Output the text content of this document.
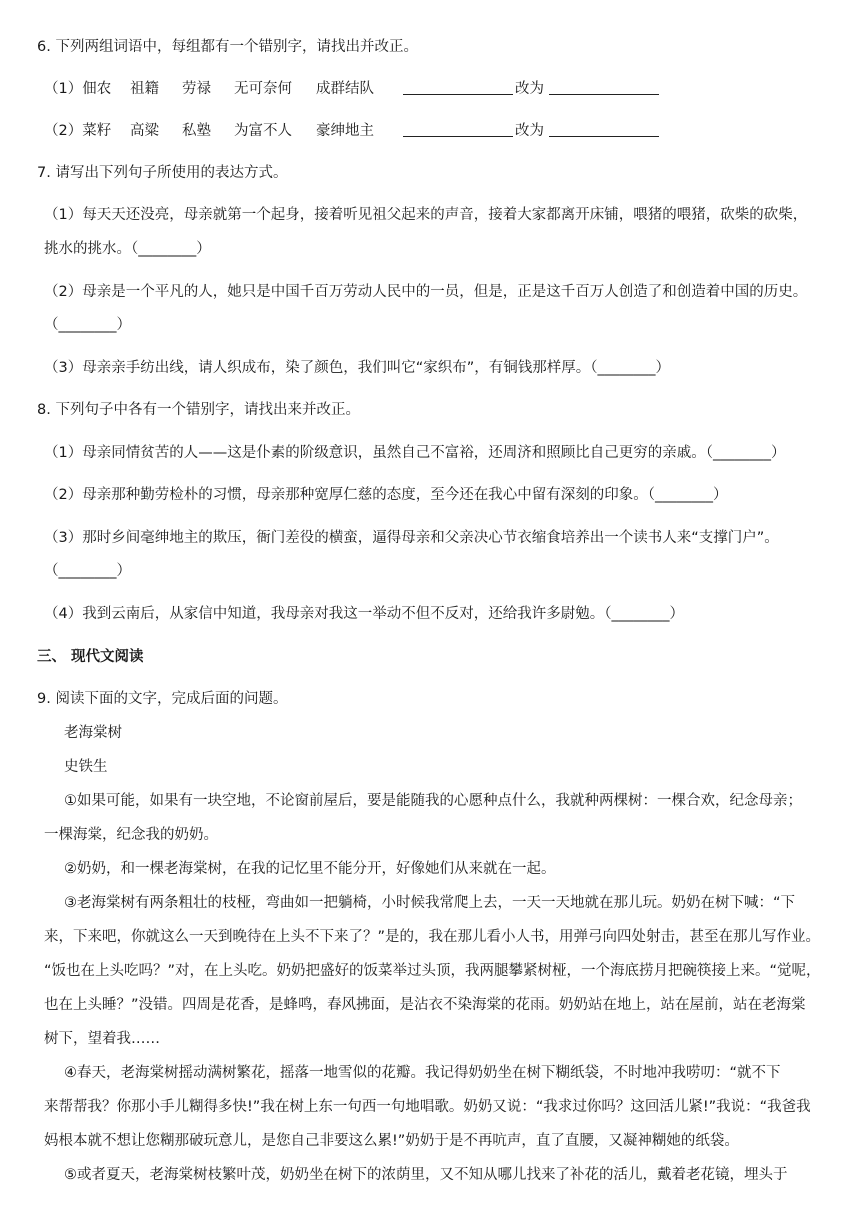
6. 下列两组词语中，每组都有一个错别字，请找出并改正。
（1）佃农 祖籍 劳禄 无可奈何 成群结队	改为
（2）菜籽 高粱 私塾 为富不人 豪绅地主	改为
7. 请写出下列句子所使用的表达方式。
（1）每天天还没亮，母亲就第一个起身，接着听见祖父起来的声音，接着大家都离开床铺，喂猪的喂猪，砍柴的砍柴，
挑水的挑水。（________）
（2）母亲是一个平凡的人，她只是中国千百万劳动人民中的一员，但是，正是这千百万人创造了和创造着中国的历史。
（________）
（3）母亲亲手纺出线，请人织成布，染了颜色，我们叫它“家织布”，有铜钱那样厚。（________）
8. 下列句子中各有一个错别字，请找出来并改正。
（1）母亲同情贫苦的人——这是仆素的阶级意识，虽然自己不富裕，还周济和照顾比自己更穷的亲戚。（________）
（2）母亲那种勤劳检朴的习惯，母亲那种宽厚仁慈的态度，至今还在我心中留有深刻的印象。（________）
（3）那时乡间毫绅地主的欺压，衙门差役的横蛮，逼得母亲和父亲决心节衣缩食培养出一个读书人来“支撑门户”。
（________）
（4）我到云南后，从家信中知道，我母亲对我这一举动不但不反对，还给我许多尉勉。（________）
三、 现代文阅读
9. 阅读下面的文字，完成后面的问题。
老海棠树
史铁生
①如果可能，如果有一块空地，不论窗前屋后，要是能随我的心愿种点什么，我就种两棵树：一棵合欢，纪念母亲；
一棵海棠，纪念我的奶奶。
②奶奶，和一棵老海棠树，在我的记忆里不能分开，好像她们从来就在一起。
③老海棠树有两条粗壮的枝桠，弯曲如一把躺椅，小时候我常爬上去，一天一天地就在那儿玩。奶奶在树下喊：“下
来，下来吧，你就这么一天到晚待在上头不下来了？”是的，我在那儿看小人书，用弹弓向四处射击，甚至在那儿写作业。
“饭也在上头吃吗？”对，在上头吃。奶奶把盛好的饭菜举过头顶，我两腿攀紧树桠，一个海底捞月把碗筷接上来。“觉呢，
也在上头睡？”没错。四周是花香，是蜂鸣，春风拂面，是沾衣不染海棠的花雨。奶奶站在地上，站在屋前，站在老海棠
树下，望着我……
④春天，老海棠树摇动满树繁花，摇落一地雪似的花瓣。我记得奶奶坐在树下糊纸袋，不时地冲我唠叨：“就不下
来帮帮我？你那小手儿糊得多快!”我在树上东一句西一句地唱歌。奶奶又说：“我求过你吗？这回活儿紧!”我说：“我爸我
妈根本就不想让您糊那破玩意儿，是您自己非要这么累!”奶奶于是不再吭声，直了直腰，又凝神糊她的纸袋。
⑤或者夏天，老海棠树枝繁叶茂，奶奶坐在树下的浓荫里，又不知从哪儿找来了补花的活儿，戴着老花镜，埋头于
